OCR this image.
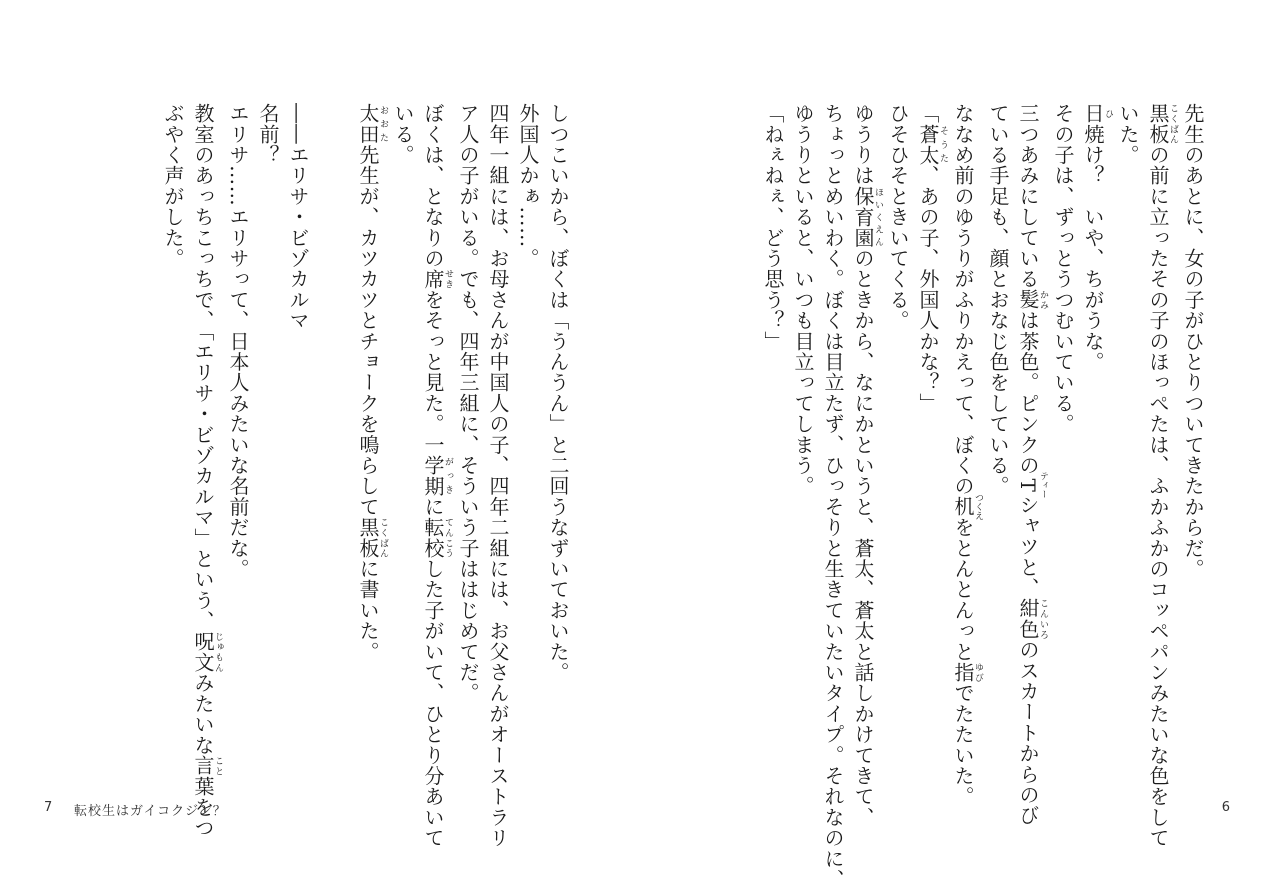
先生のあとに、女の子がひとりついてきたからだ。
黒板こくばんの前に立ったその子のほっぺたは、ふかふかのコッペパンみたいな色をして
いた。
日ひ焼け？　いや、ちがうな。
その子は、ずっとうつむいている。
三つあみにしている髪かみは茶色。ピンクのTティーシャツと、紺色こんいろのスカートからのび
ている手足も、顔とおなじ色をしている。
ななめ前のゆうりがふりかえって、ぼくの机つくえをとんとんっと指ゆびでたたいた。
「蒼太そうた、あの子、外国人かな？」
ひそひそときいてくる。
ゆうりは保育園ほいくえんのときから、なにかというと、蒼太、蒼太と話しかけてきて、
ちょっとめいわく。ぼくは目立たず、ひっそりと生きていたいタイプ。それなのに、
ゆうりといると、いつも目立ってしまう。
「ねぇねぇ、どう思う？」
6
しつこいから、ぼくは「うんうん」と二回うなずいておいた。
外国人かぁ……。
四年一組には、お母さんが中国人の子、四年二組には、お父さんがオーストラリ
ア人の子がいる。でも、四年三組に、そういう子ははじめてだ。
ぼくは、となりの席せきをそっと見た。一学期がっきに転校てんこうした子がいて、ひとり分あいて
いる。
太田おおた先生が、カツカツとチョークを鳴らして黒板こくばんに書いた。
――エリサ・ビゾカルマ
名前？
エリサ……エリサって、日本人みたいな名前だな。
教室のあっちこっちで、「エリサ・ビゾカルマ」という、呪文じゅもんみたいな言こと葉をつ
ぶやく声がした。
7 転校生はガイコクジン？
